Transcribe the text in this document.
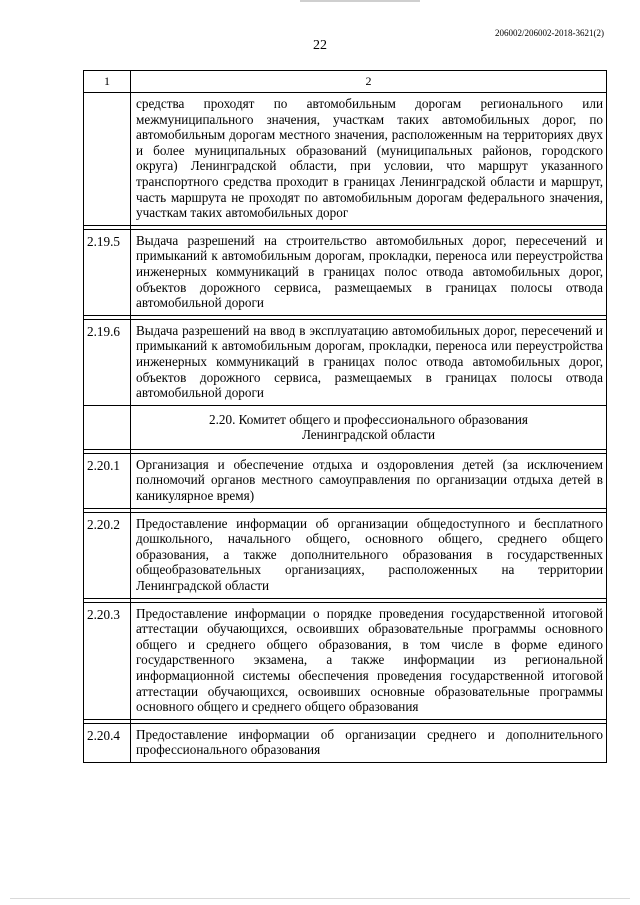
206002/206002-2018-3621(2)
22
1	2
	средства проходят по автомобильным дорогам регионального или межмуниципального значения, участкам таких автомобильных дорог, по автомобильным дорогам местного значения, расположенным на территориях двух и более муниципальных образований (муниципальных районов, городского округа) Ленинградской области, при условии, что маршрут указанного транспортного средства проходит в границах Ленинградской области и маршрут, часть маршрута не проходят по автомобильным дорогам федерального значения, участкам таких автомобильных дорог

2.19.5	Выдача разрешений на строительство автомобильных дорог, пересечений и примыканий к автомобильным дорогам, прокладки, переноса или переустройства инженерных коммуникаций в границах полос отвода автомобильных дорог, объектов дорожного сервиса, размещаемых в границах полосы отвода автомобильной дороги

2.19.6	Выдача разрешений на ввод в эксплуатацию автомобильных дорог, пересечений и примыканий к автомобильным дорогам, прокладки, переноса или переустройства инженерных коммуникаций в границах полос отвода автомобильных дорог, объектов дорожного сервиса, размещаемых в границах полосы отвода автомобильной дороги

	2.20. Комитет общего и профессионального образования
Ленинградской области

2.20.1	Организация и обеспечение отдыха и оздоровления детей (за исключением полномочий органов местного самоуправления по организации отдыха детей в каникулярное время)

2.20.2	Предоставление информации об организации общедоступного и бесплатного дошкольного, начального общего, основного общего, среднего общего образования, а также дополнительного образования в государственных общеобразовательных организациях, расположенных на территории Ленинградской области

2.20.3	Предоставление информации о порядке проведения государственной итоговой аттестации обучающихся, освоивших образовательные программы основного общего и среднего общего образования, в том числе в форме единого государственного экзамена, а также информации из региональной информационной системы обеспечения проведения государственной итоговой аттестации обучающихся, освоивших основные образовательные программы основного общего и среднего общего образования

2.20.4	Предоставление информации об организации среднего и дополнительного профессионального образования
